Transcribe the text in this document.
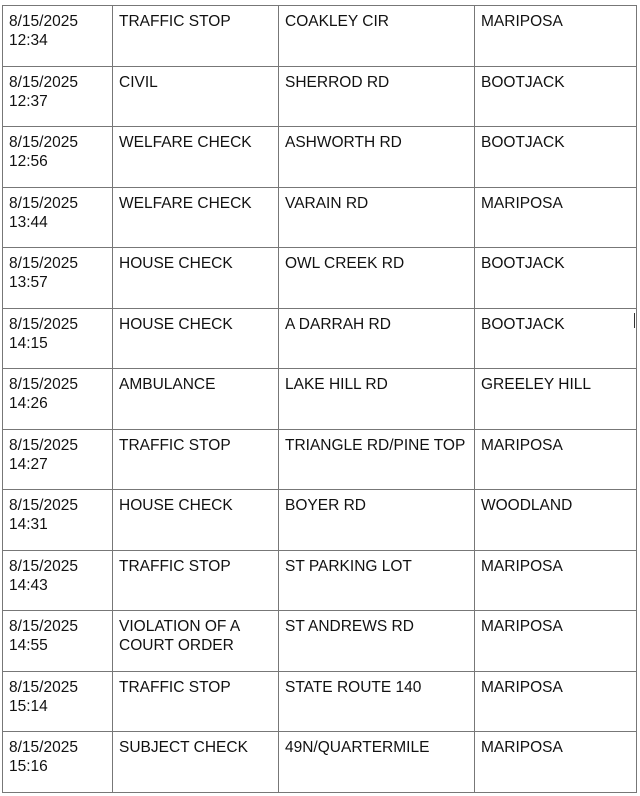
8/15/2025
12:34	TRAFFIC STOP	COAKLEY CIR	MARIPOSA
8/15/2025
12:37	CIVIL	SHERROD RD	BOOTJACK
8/15/2025
12:56	WELFARE CHECK	ASHWORTH RD	BOOTJACK
8/15/2025
13:44	WELFARE CHECK	VARAIN RD	MARIPOSA
8/15/2025
13:57	HOUSE CHECK	OWL CREEK RD	BOOTJACK
8/15/2025
14:15	HOUSE CHECK	A DARRAH RD	BOOTJACK
8/15/2025
14:26	AMBULANCE	LAKE HILL RD	GREELEY HILL
8/15/2025
14:27	TRAFFIC STOP	TRIANGLE RD/PINE TOP	MARIPOSA
8/15/2025
14:31	HOUSE CHECK	BOYER RD	WOODLAND
8/15/2025
14:43	TRAFFIC STOP	ST PARKING LOT	MARIPOSA
8/15/2025
14:55	VIOLATION OF A
COURT ORDER	ST ANDREWS RD	MARIPOSA
8/15/2025
15:14	TRAFFIC STOP	STATE ROUTE 140	MARIPOSA
8/15/2025
15:16	SUBJECT CHECK	49N/QUARTERMILE	MARIPOSA
